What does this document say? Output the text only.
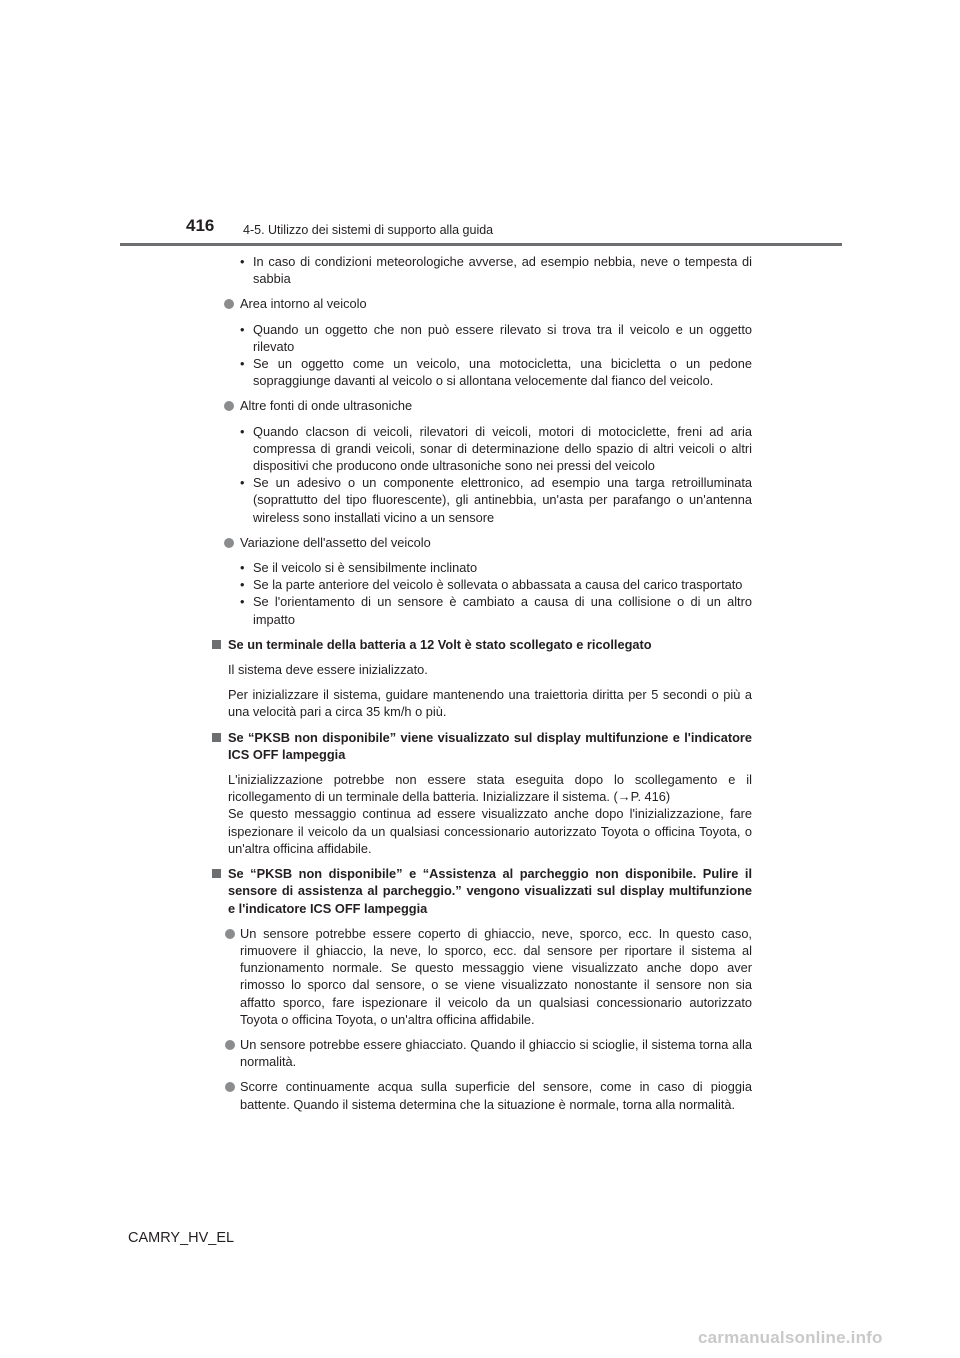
416 4-5. Utilizzo dei sistemi di supporto alla guida
• In caso di condizioni meteorologiche avverse, ad esempio nebbia, neve o tempesta di sabbia
Area intorno al veicolo
• Quando un oggetto che non può essere rilevato si trova tra il veicolo e un oggetto rilevato
• Se un oggetto come un veicolo, una motocicletta, una bicicletta o un pedone sopraggiunge davanti al veicolo o si allontana velocemente dal fianco del veicolo.
Altre fonti di onde ultrasoniche
• Quando clacson di veicoli, rilevatori di veicoli, motori di motociclette, freni ad aria compressa di grandi veicoli, sonar di determinazione dello spazio di altri veicoli o altri dispositivi che producono onde ultrasoniche sono nei pressi del veicolo
• Se un adesivo o un componente elettronico, ad esempio una targa retroilluminata (soprattutto del tipo fluorescente), gli antinebbia, un'asta per parafango o un'antenna wireless sono installati vicino a un sensore
Variazione dell'assetto del veicolo
• Se il veicolo si è sensibilmente inclinato
• Se la parte anteriore del veicolo è sollevata o abbassata a causa del carico trasportato
• Se l'orientamento di un sensore è cambiato a causa di una collisione o di un altro impatto
Se un terminale della batteria a 12 Volt è stato scollegato e ricollegato
Il sistema deve essere inizializzato.
Per inizializzare il sistema, guidare mantenendo una traiettoria diritta per 5 secondi o più a una velocità pari a circa 35 km/h o più.
Se “PKSB non disponibile” viene visualizzato sul display multifunzione e l'indicatore ICS OFF lampeggia
L'inizializzazione potrebbe non essere stata eseguita dopo lo scollegamento e il ricollegamento di un terminale della batteria. Inizializzare il sistema. (→P. 416)
Se questo messaggio continua ad essere visualizzato anche dopo l'inizializzazione, fare ispezionare il veicolo da un qualsiasi concessionario autorizzato Toyota o officina Toyota, o un'altra officina affidabile.
Se “PKSB non disponibile” e “Assistenza al parcheggio non disponibile. Pulire il sensore di assistenza al parcheggio.” vengono visualizzati sul display multifunzione e l'indicatore ICS OFF lampeggia
Un sensore potrebbe essere coperto di ghiaccio, neve, sporco, ecc. In questo caso, rimuovere il ghiaccio, la neve, lo sporco, ecc. dal sensore per riportare il sistema al funzionamento normale. Se questo messaggio viene visualizzato anche dopo aver rimosso lo sporco dal sensore, o se viene visualizzato nonostante il sensore non sia affatto sporco, fare ispezionare il veicolo da un qualsiasi concessionario autorizzato Toyota o officina Toyota, o un'altra officina affidabile.
Un sensore potrebbe essere ghiacciato. Quando il ghiaccio si scioglie, il sistema torna alla normalità.
Scorre continuamente acqua sulla superficie del sensore, come in caso di pioggia battente. Quando il sistema determina che la situazione è normale, torna alla normalità.
CAMRY_HV_EL
carmanualsonline.info
